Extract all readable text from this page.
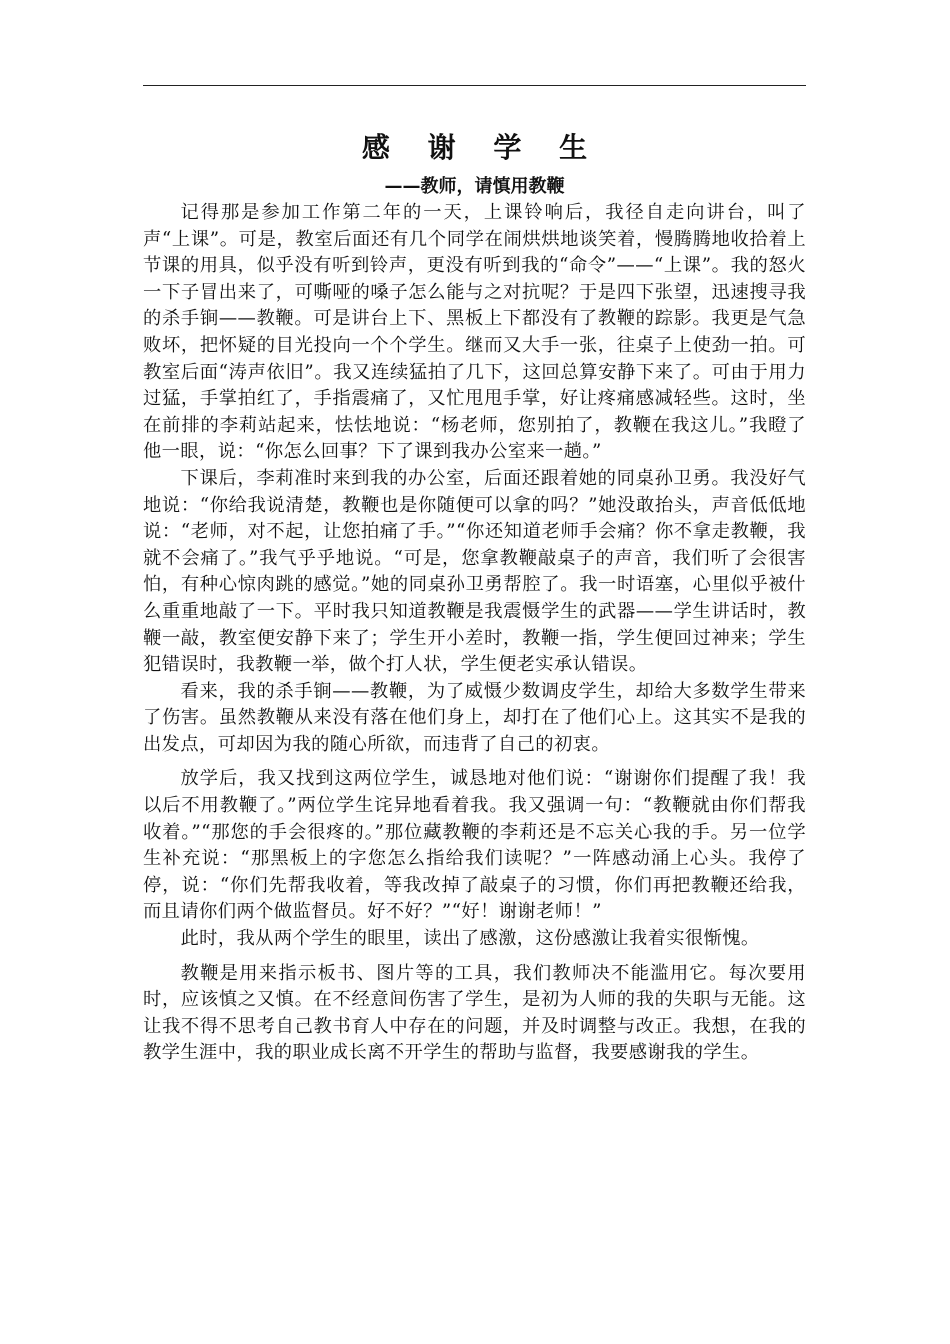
感 谢 学 生
——教师，请慎用教鞭

记得那是参加工作第二年的一天，上课铃响后，我径自走向讲台，叫了声“上课”。可是，教室后面还有几个同学在闹烘烘地谈笑着，慢腾腾地收拾着上节课的用具，似乎没有听到铃声，更没有听到我的“命令”——“上课”。我的怒火一下子冒出来了，可嘶哑的嗓子怎么能与之对抗呢？于是四下张望，迅速搜寻我的杀手锏——教鞭。可是讲台上下、黑板上下都没有了教鞭的踪影。我更是气急败坏，把怀疑的目光投向一个个学生。继而又大手一张，往桌子上使劲一拍。可教室后面“涛声依旧”。我又连续猛拍了几下，这回总算安静下来了。可由于用力过猛，手掌拍红了，手指震痛了，又忙甩甩手掌，好让疼痛感减轻些。这时，坐在前排的李莉站起来，怯怯地说：“杨老师，您别拍了，教鞭在我这儿。”我瞪了他一眼，说：“你怎么回事？下了课到我办公室来一趟。”

下课后，李莉准时来到我的办公室，后面还跟着她的同桌孙卫勇。我没好气地说：“你给我说清楚，教鞭也是你随便可以拿的吗？”她没敢抬头，声音低低地说：“老师，对不起，让您拍痛了手。”“你还知道老师手会痛？你不拿走教鞭，我就不会痛了。”我气乎乎地说。“可是，您拿教鞭敲桌子的声音，我们听了会很害怕，有种心惊肉跳的感觉。”她的同桌孙卫勇帮腔了。我一时语塞，心里似乎被什么重重地敲了一下。平时我只知道教鞭是我震慑学生的武器——学生讲话时，教鞭一敲，教室便安静下来了；学生开小差时，教鞭一指，学生便回过神来；学生犯错误时，我教鞭一举，做个打人状，学生便老实承认错误。

看来，我的杀手锏——教鞭，为了威慑少数调皮学生，却给大多数学生带来了伤害。虽然教鞭从来没有落在他们身上，却打在了他们心上。这其实不是我的出发点，可却因为我的随心所欲，而违背了自己的初衷。

放学后，我又找到这两位学生，诚恳地对他们说：“谢谢你们提醒了我！我以后不用教鞭了。”两位学生诧异地看着我。我又强调一句：“教鞭就由你们帮我收着。”“那您的手会很疼的。”那位藏教鞭的李莉还是不忘关心我的手。另一位学生补充说：“那黑板上的字您怎么指给我们读呢？”一阵感动涌上心头。我停了停，说：“你们先帮我收着，等我改掉了敲桌子的习惯，你们再把教鞭还给我，而且请你们两个做监督员。好不好？”“好！谢谢老师！”

此时，我从两个学生的眼里，读出了感激，这份感激让我着实很惭愧。

教鞭是用来指示板书、图片等的工具，我们教师决不能滥用它。每次要用时，应该慎之又慎。在不经意间伤害了学生，是初为人师的我的失职与无能。这让我不得不思考自己教书育人中存在的问题，并及时调整与改正。我想，在我的教学生涯中，我的职业成长离不开学生的帮助与监督，我要感谢我的学生。
